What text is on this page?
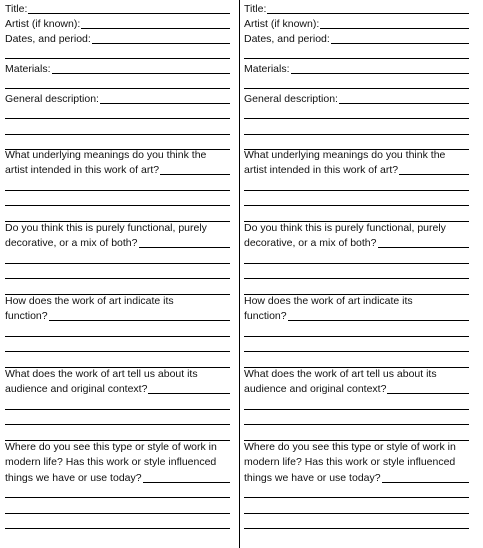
Title:
Artist (if known):
Dates, and period:
Materials:
General description:
What underlying meanings do you think the
artist intended in this work of art?
Do you think this is purely functional, purely
decorative, or a mix of both?
How does the work of art indicate its
function?
What does the work of art tell us about its
audience and original context?
Where do you see this type or style of work in
modern life? Has this work or style influenced
things we have or use today?
Title:
Artist (if known):
Dates, and period:
Materials:
General description:
What underlying meanings do you think the
artist intended in this work of art?
Do you think this is purely functional, purely
decorative, or a mix of both?
How does the work of art indicate its
function?
What does the work of art tell us about its
audience and original context?
Where do you see this type or style of work in
modern life? Has this work or style influenced
things we have or use today?
